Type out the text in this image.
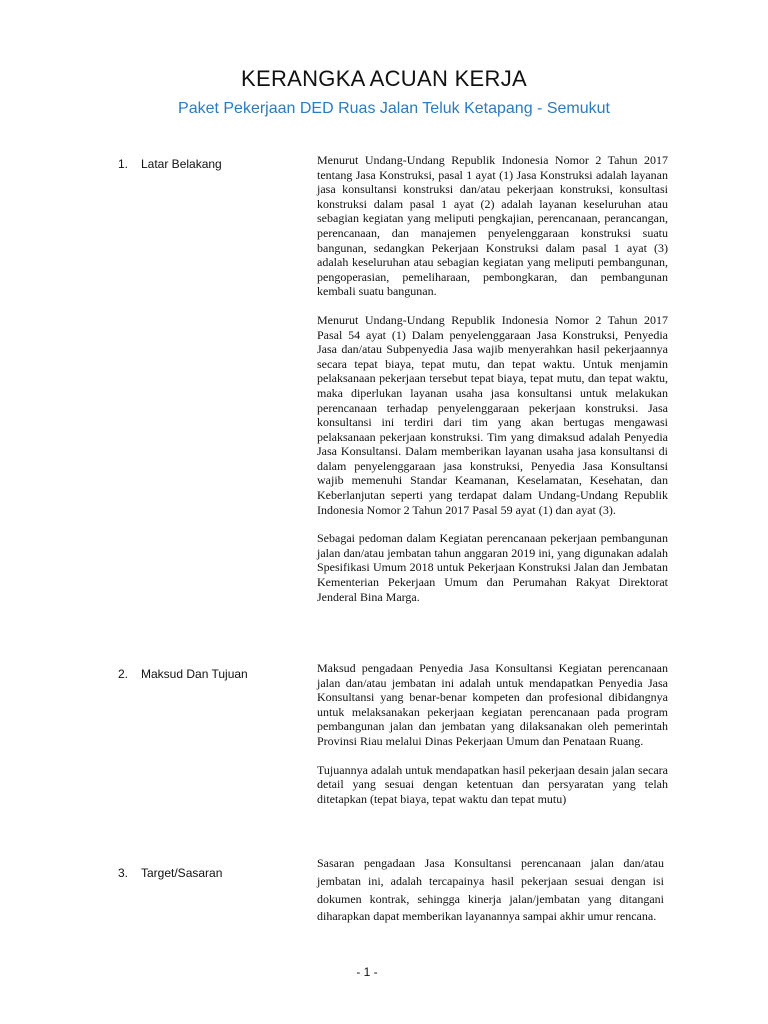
KERANGKA ACUAN KERJA
Paket Pekerjaan DED Ruas Jalan Teluk Ketapang - Semukut
1. Latar Belakang	Menurut Undang-Undang Republik Indonesia Nomor 2 Tahun 2017 tentang Jasa Konstruksi, pasal 1 ayat (1) Jasa Konstruksi adalah layanan jasa konsultansi konstruksi dan/atau pekerjaan konstruksi, konsultasi konstruksi dalam pasal 1 ayat (2) adalah layanan keseluruhan atau sebagian kegiatan yang meliputi pengkajian, perencanaan, perancangan, perencanaan, dan manajemen penyelenggaraan konstruksi suatu bangunan, sedangkan Pekerjaan Konstruksi dalam pasal 1 ayat (3) adalah keseluruhan atau sebagian kegiatan yang meliputi pembangunan, pengoperasian, pemeliharaan, pembongkaran, dan pembangunan kembali suatu bangunan.

Menurut Undang-Undang Republik Indonesia Nomor 2 Tahun 2017 Pasal 54 ayat (1) Dalam penyelenggaraan Jasa Konstruksi, Penyedia Jasa dan/atau Subpenyedia Jasa wajib menyerahkan hasil pekerjaannya secara tepat biaya, tepat mutu, dan tepat waktu. Untuk menjamin pelaksanaan pekerjaan tersebut tepat biaya, tepat mutu, dan tepat waktu, maka diperlukan layanan usaha jasa konsultansi untuk melakukan perencanaan terhadap penyelenggaraan pekerjaan konstruksi. Jasa konsultansi ini terdiri dari tim yang akan bertugas mengawasi pelaksanaan pekerjaan konstruksi. Tim yang dimaksud adalah Penyedia Jasa Konsultansi. Dalam memberikan layanan usaha jasa konsultansi di dalam penyelenggaraan jasa konstruksi, Penyedia Jasa Konsultansi wajib memenuhi Standar Keamanan, Keselamatan, Kesehatan, dan Keberlanjutan seperti yang terdapat dalam Undang-Undang Republik Indonesia Nomor 2 Tahun 2017 Pasal 59 ayat (1) dan ayat (3).

Sebagai pedoman dalam Kegiatan perencanaan pekerjaan pembangunan jalan dan/atau jembatan tahun anggaran 2019 ini, yang digunakan adalah Spesifikasi Umum 2018 untuk Pekerjaan Konstruksi Jalan dan Jembatan Kementerian Pekerjaan Umum dan Perumahan Rakyat Direktorat Jenderal Bina Marga.

2. Maksud Dan Tujuan	Maksud pengadaan Penyedia Jasa Konsultansi Kegiatan perencanaan jalan dan/atau jembatan ini adalah untuk mendapatkan Penyedia Jasa Konsultansi yang benar-benar kompeten dan profesional dibidangnya untuk melaksanakan pekerjaan kegiatan perencanaan pada program pembangunan jalan dan jembatan yang dilaksanakan oleh pemerintah Provinsi Riau melalui Dinas Pekerjaan Umum dan Penataan Ruang.

Tujuannya adalah untuk mendapatkan hasil pekerjaan desain jalan secara detail yang sesuai dengan ketentuan dan persyaratan yang telah ditetapkan (tepat biaya, tepat waktu dan tepat mutu)

3. Target/Sasaran

Sasaran pengadaan Jasa Konsultansi perencanaan jalan dan/atau jembatan ini, adalah tercapainya hasil pekerjaan sesuai dengan isi dokumen kontrak, sehingga kinerja jalan/jembatan yang ditangani diharapkan dapat memberikan layanannya sampai akhir umur rencana.

- 1 -
